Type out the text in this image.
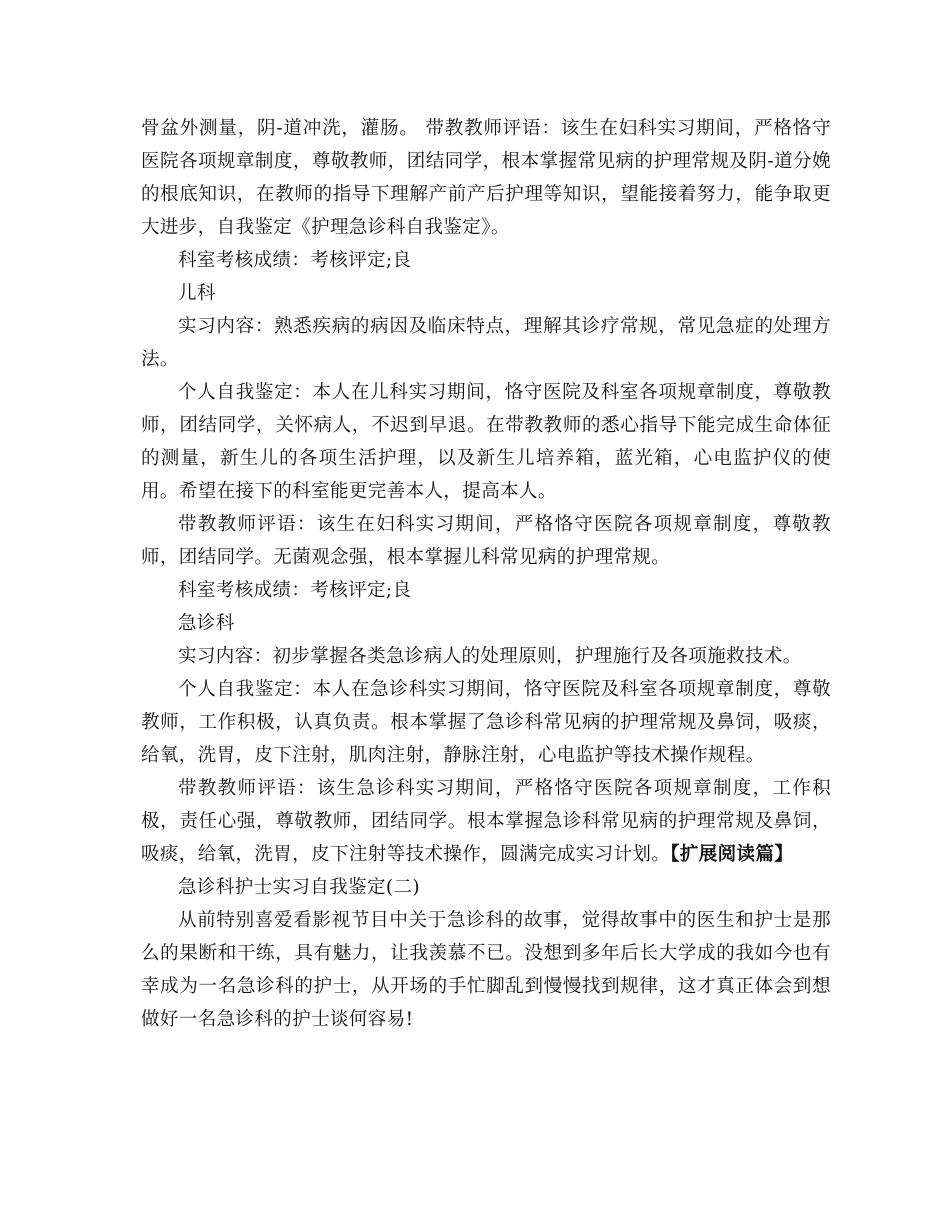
骨盆外测量，阴-道冲洗，灌肠。 带教教师评语：该生在妇科实习期间，严格恪守医院各项规章制度，尊敬教师，团结同学，根本掌握常见病的护理常规及阴-道分娩的根底知识，在教师的指导下理解产前产后护理等知识，望能接着努力，能争取更大进步，自我鉴定《护理急诊科自我鉴定》。

科室考核成绩：考核评定;良

儿科

实习内容：熟悉疾病的病因及临床特点，理解其诊疗常规，常见急症的处理方法。

个人自我鉴定：本人在儿科实习期间，恪守医院及科室各项规章制度，尊敬教师，团结同学，关怀病人，不迟到早退。在带教教师的悉心指导下能完成生命体征的测量，新生儿的各项生活护理，以及新生儿培养箱，蓝光箱，心电监护仪的使用。希望在接下的科室能更完善本人，提高本人。

带教教师评语：该生在妇科实习期间，严格恪守医院各项规章制度，尊敬教师，团结同学。无菌观念强，根本掌握儿科常见病的护理常规。

科室考核成绩：考核评定;良

急诊科

实习内容：初步掌握各类急诊病人的处理原则，护理施行及各项施救技术。

个人自我鉴定：本人在急诊科实习期间，恪守医院及科室各项规章制度，尊敬教师，工作积极，认真负责。根本掌握了急诊科常见病的护理常规及鼻饲，吸痰，给氧，洗胃，皮下注射，肌肉注射，静脉注射，心电监护等技术操作规程。

带教教师评语：该生急诊科实习期间，严格恪守医院各项规章制度，工作积极，责任心强，尊敬教师，团结同学。根本掌握急诊科常见病的护理常规及鼻饲，吸痰，给氧，洗胃，皮下注射等技术操作，圆满完成实习计划。【扩展阅读篇】

急诊科护士实习自我鉴定(二)

从前特别喜爱看影视节目中关于急诊科的故事，觉得故事中的医生和护士是那么的果断和干练，具有魅力，让我羡慕不已。没想到多年后长大学成的我如今也有幸成为一名急诊科的护士，从开场的手忙脚乱到慢慢找到规律，这才真正体会到想做好一名急诊科的护士谈何容易!
